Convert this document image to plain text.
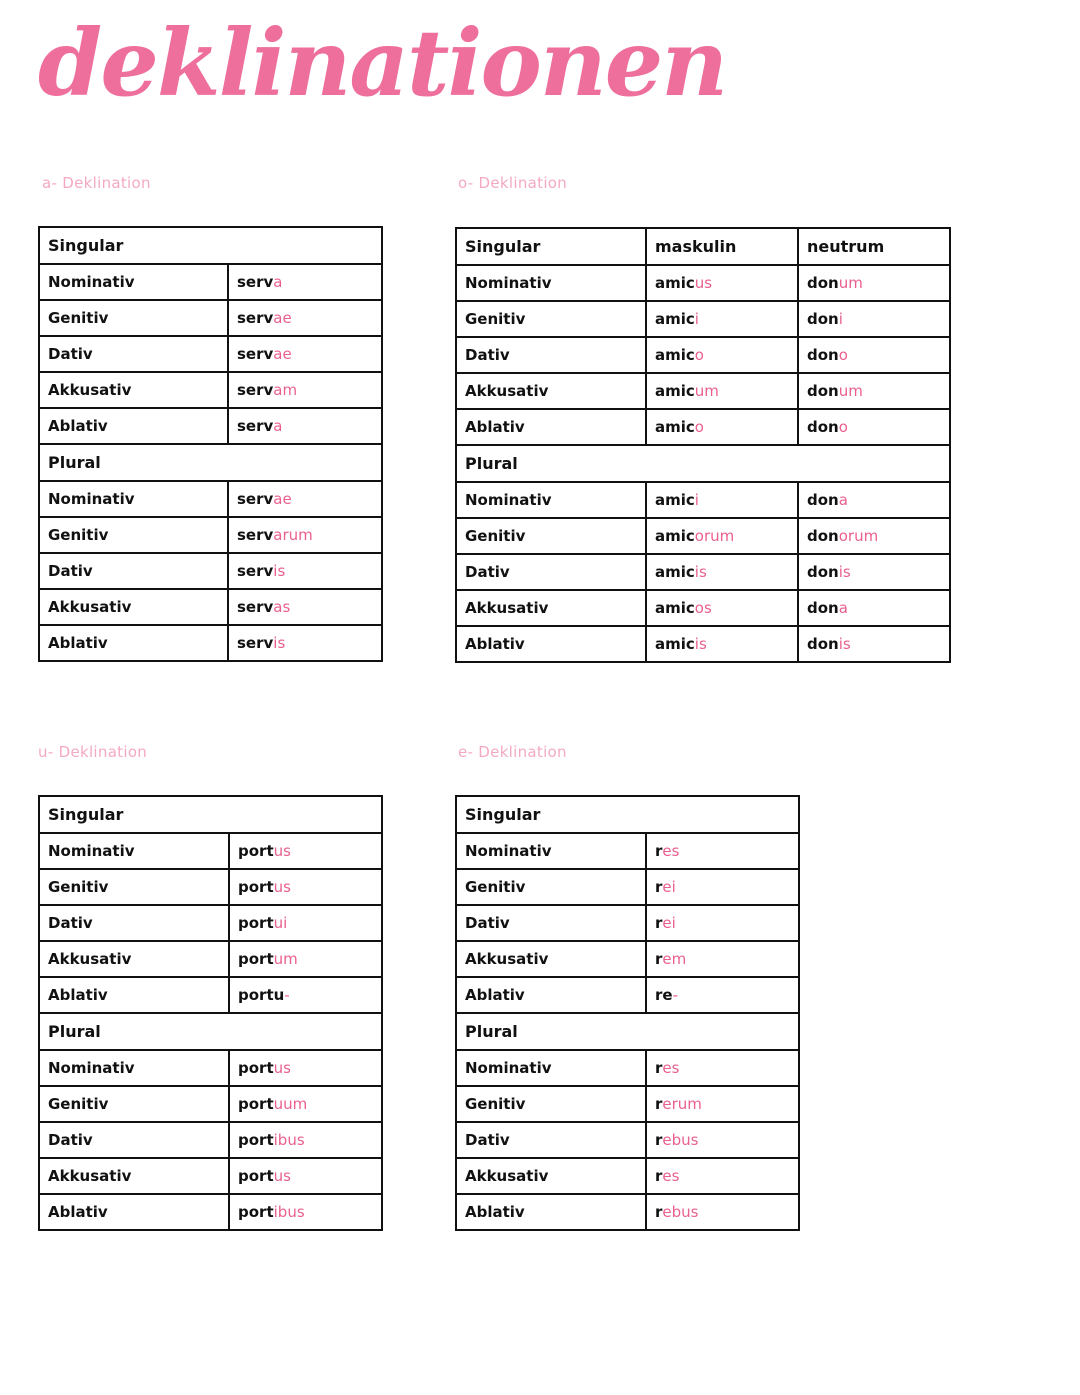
deklinationen
a- Deklination	o- Deklination
u- Deklination	e- Deklination
Singular	
Nominativ	serva
Genitiv	servae
Dativ	servae
Akkusativ	servam
Ablativ	serva
Plural	
Nominativ	servae
Genitiv	servarum
Dativ	servis
Akkusativ	servas
Ablativ	servis
Singular	maskulin	neutrum
Nominativ	amicus	donum
Genitiv	amici	doni
Dativ	amico	dono
Akkusativ	amicum	donum
Ablativ	amico	dono
Plural		
Nominativ	amici	dona
Genitiv	amicorum	donorum
Dativ	amicis	donis
Akkusativ	amicos	dona
Ablativ	amicis	donis
Singular	
Nominativ	portus
Genitiv	portus
Dativ	portui
Akkusativ	portum
Ablativ	portu-
Plural	
Nominativ	portus
Genitiv	portuum
Dativ	portibus
Akkusativ	portus
Ablativ	portibus
Singular	
Nominativ	res
Genitiv	rei
Dativ	rei
Akkusativ	rem
Ablativ	re-
Plural	
Nominativ	res
Genitiv	rerum
Dativ	rebus
Akkusativ	res
Ablativ	rebus
